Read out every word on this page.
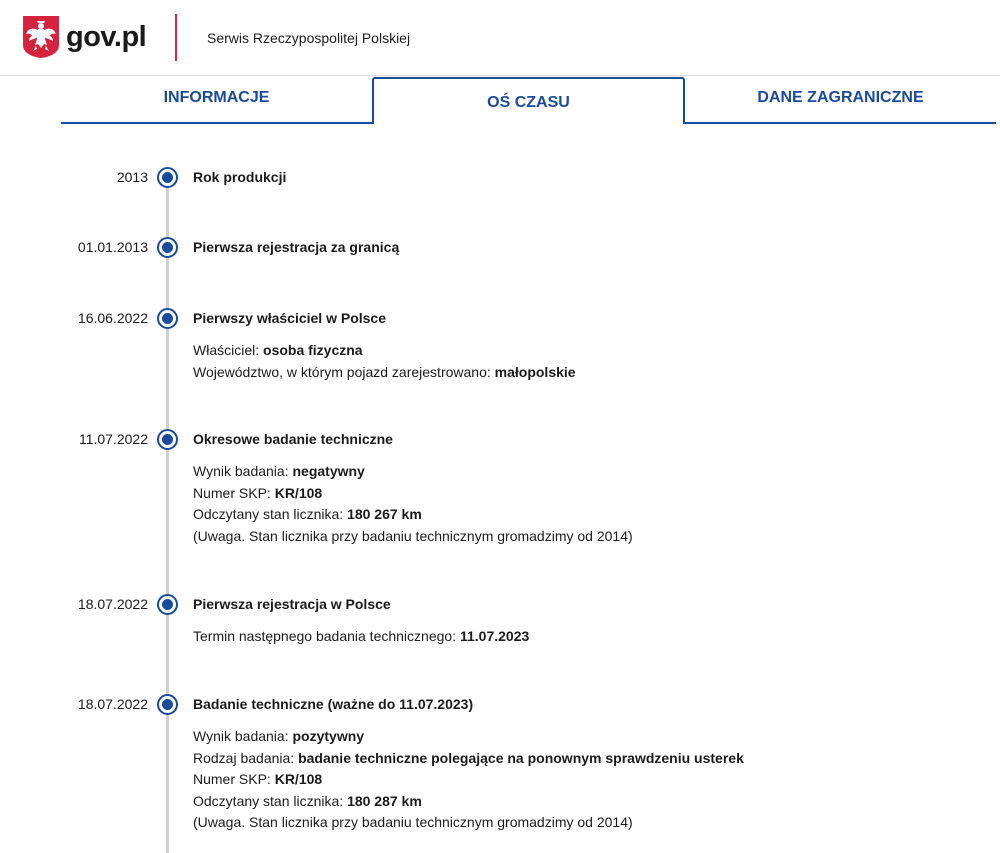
gov.pl	Serwis Rzeczypospolitej Polskiej
INFORMACJE	OŚ CZASU	DANE ZAGRANICZNE
2013	Rok produkcji
01.01.2013	Pierwsza rejestracja za granicą
16.06.2022	Pierwszy właściciel w Polsce
Właściciel: osoba fizyczna
Województwo, w którym pojazd zarejestrowano: małopolskie
11.07.2022	Okresowe badanie techniczne
Wynik badania: negatywny
Numer SKP: KR/108
Odczytany stan licznika: 180 267 km
(Uwaga. Stan licznika przy badaniu technicznym gromadzimy od 2014)
18.07.2022	Pierwsza rejestracja w Polsce
Termin następnego badania technicznego: 11.07.2023
18.07.2022	Badanie techniczne (ważne do 11.07.2023)
Wynik badania: pozytywny
Rodzaj badania: badanie techniczne polegające na ponownym sprawdzeniu usterek
Numer SKP: KR/108
Odczytany stan licznika: 180 287 km
(Uwaga. Stan licznika przy badaniu technicznym gromadzimy od 2014)
